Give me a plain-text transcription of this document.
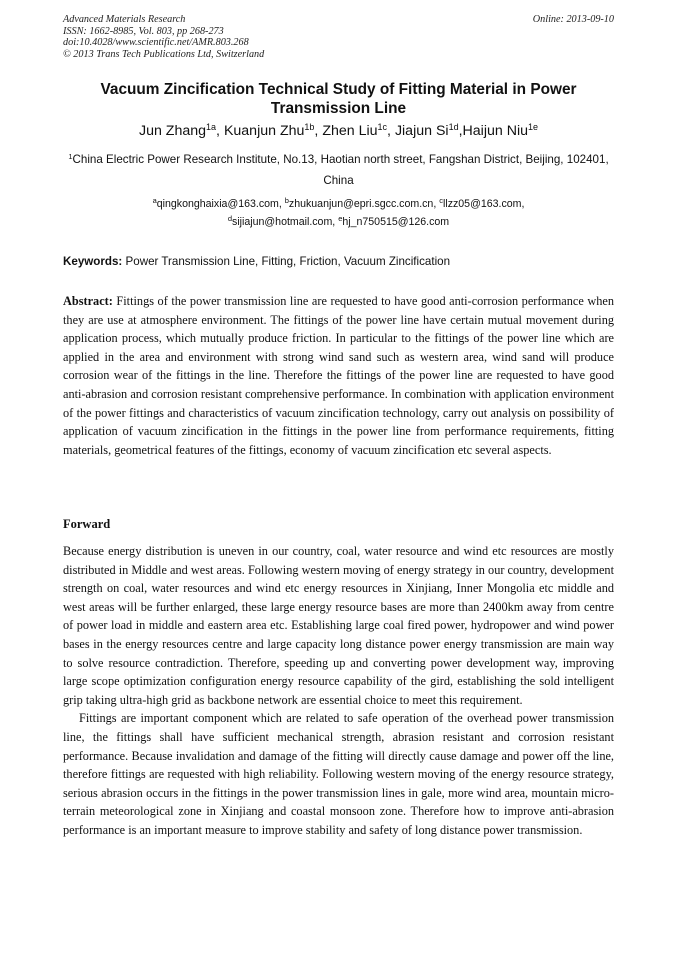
Advanced Materials Research
ISSN: 1662-8985, Vol. 803, pp 268-273
doi:10.4028/www.scientific.net/AMR.803.268
© 2013 Trans Tech Publications Ltd, Switzerland
Online: 2013-09-10
Vacuum Zincification Technical Study of Fitting Material in Power Transmission Line
Jun Zhang$^{1a}$, Kuanjun Zhu$^{1b}$, Zhen Liu$^{1c}$, Jiajun $Si^{1d},Haijun$ Niu$^{1e}$
$^1$China Electric Power Research Institute, No.13, Haotian north street, Fangshan District, Beijing, 102401, China
$^a$qingkonghaixia@163.com, $^b$zhukuanjun@epri.sgcc.com.cn, $^c$llzz05@163.com,
$^d$sijiajun@hotmail.com, $^e$hj_n750515@126.com
Keywords: Power Transmission Line, Fitting, Friction, Vacuum Zincification

Abstract: Fittings of the power transmission line are requested to have good anti-corrosion performance when they are use at atmosphere environment. The fittings of the power line have certain mutual movement during application process, which mutually produce friction. In particular to the fittings of the power line which are applied in the area and environment with strong wind sand such as western area, wind sand will produce corrosion wear of the fittings in the line. Therefore the fittings of the power line are requested to have good anti-abrasion and corrosion resistant comprehensive performance. In combination with application environment of the power fittings and characteristics of vacuum zincification technology, carry out analysis on possibility of application of vacuum zincification in the fittings in the power line from performance requirements, fitting materials, geometrical features of the fittings, economy of vacuum zincification etc several aspects.

Forward

Because energy distribution is uneven in our country, coal, water resource and wind etc resources are mostly distributed in Middle and west areas. Following western moving of energy strategy in our country, development strength on coal, water resources and wind etc energy resources in Xinjiang, Inner Mongolia etc middle and west areas will be further enlarged, these large energy resource bases are more than 2400km away from centre of power load in middle and eastern area etc. Establishing large coal fired power, hydropower and wind power bases in the energy resources centre and large capacity long distance power energy transmission are main way to solve resource contradiction. Therefore, speeding up and converting power development way, improving large scope optimization configuration energy resource capability of the gird, establishing the sold intelligent grip taking ultra-high grid as backbone network are essential choice to meet this requirement.

Fittings are important component which are related to safe operation of the overhead power transmission line, the fittings shall have sufficient mechanical strength, abrasion resistant and corrosion resistant performance. Because invalidation and damage of the fitting will directly cause damage and power off the line, therefore fittings are requested with high reliability. Following western moving of the energy resource strategy, serious abrasion occurs in the fittings in the power transmission lines in gale, more wind area, mountain micro- terrain meteorological zone in Xinjiang and coastal monsoon zone. Therefore how to improve anti-abrasion performance is an important measure to improve stability and safety of long distance power transmission.
